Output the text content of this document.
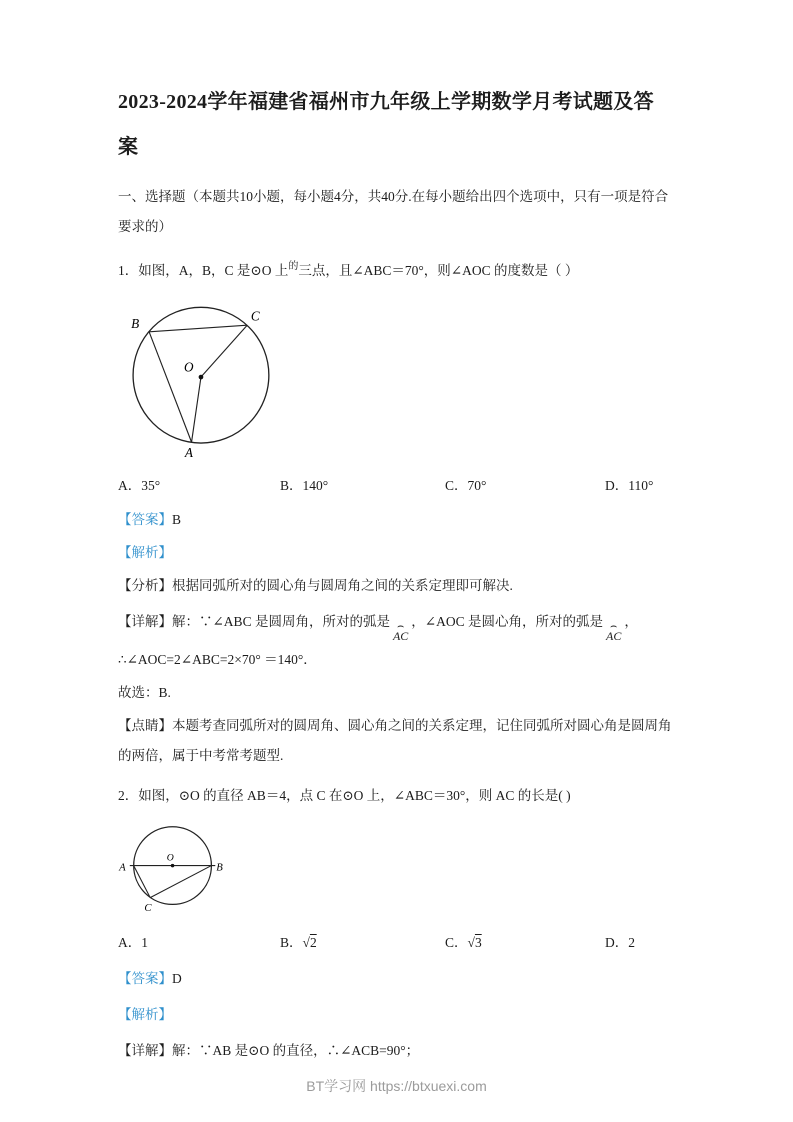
2023-2024学年福建省福州市九年级上学期数学月考试题及答案

一、选择题（本题共10小题，每小题4分，共40分.在每小题给出四个选项中，只有一项是符合要求的）

1．如图，A，B，C 是⊙O 上$^的$三点，且∠ABC＝70°，则∠AOC 的度数是（ ）

B
C
O
A
A．35°	B．140°	C．70°	D．110°

【答案】B

【解析】

【分析】根据同弧所对的圆心角与圆周角之间的关系定理即可解决.

【详解】解：∵∠ABC 是圆周角，所对的弧是 ⌢
AC
，∠AOC 是圆心角，所对的弧是 ⌢
AC
，

∴∠AOC=2∠ABC=2×70° ＝140°．

故选：B.

【点睛】本题考查同弧所对的圆周角、圆心角之间的关系定理，记住同弧所对圆心角是圆周角的两倍，属于中考常考题型.

2．如图，⊙O 的直径 AB＝4，点 C 在⊙O 上，∠ABC＝30°，则 AC 的长是( )

A	B
O
C
A．1	B．√2	C．√3	D．2

【答案】D

【解析】

【详解】解：∵AB 是⊙O 的直径，∴∠ACB=90°；

BT学习网 https://btxuexi.com
